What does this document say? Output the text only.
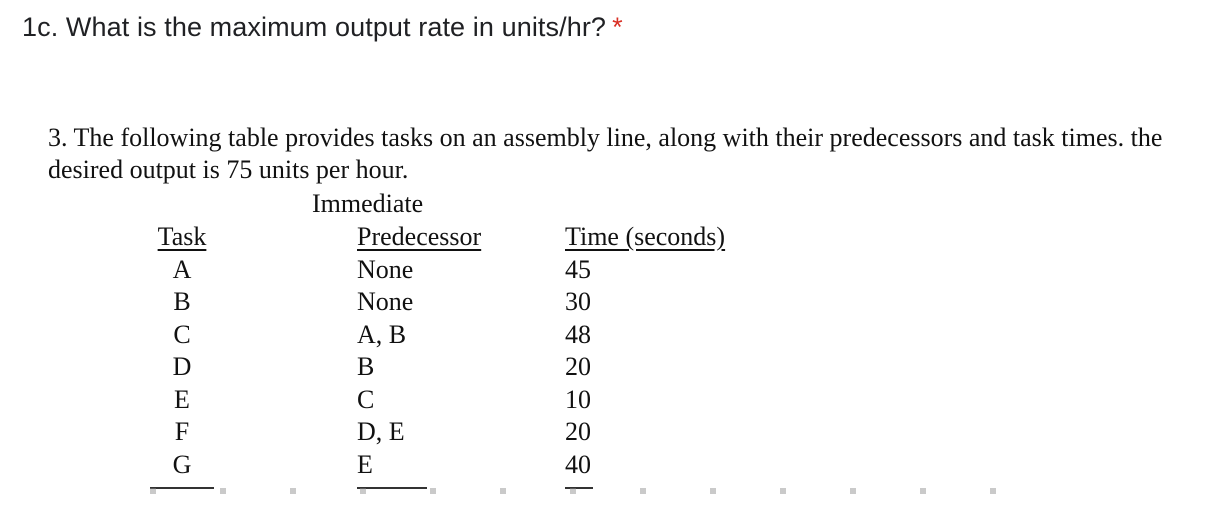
1c. What is the maximum output rate in units/hr? *
3. The following table provides tasks on an assembly line, along with their predecessors and task times. the desired output is 75 units per hour.
Immediate
Task
A
B
C
D
E
F
G
Predecessor
None
None
A, B
B
C
D, E
E
Time (seconds)
45
30
48
20
10
20
40
